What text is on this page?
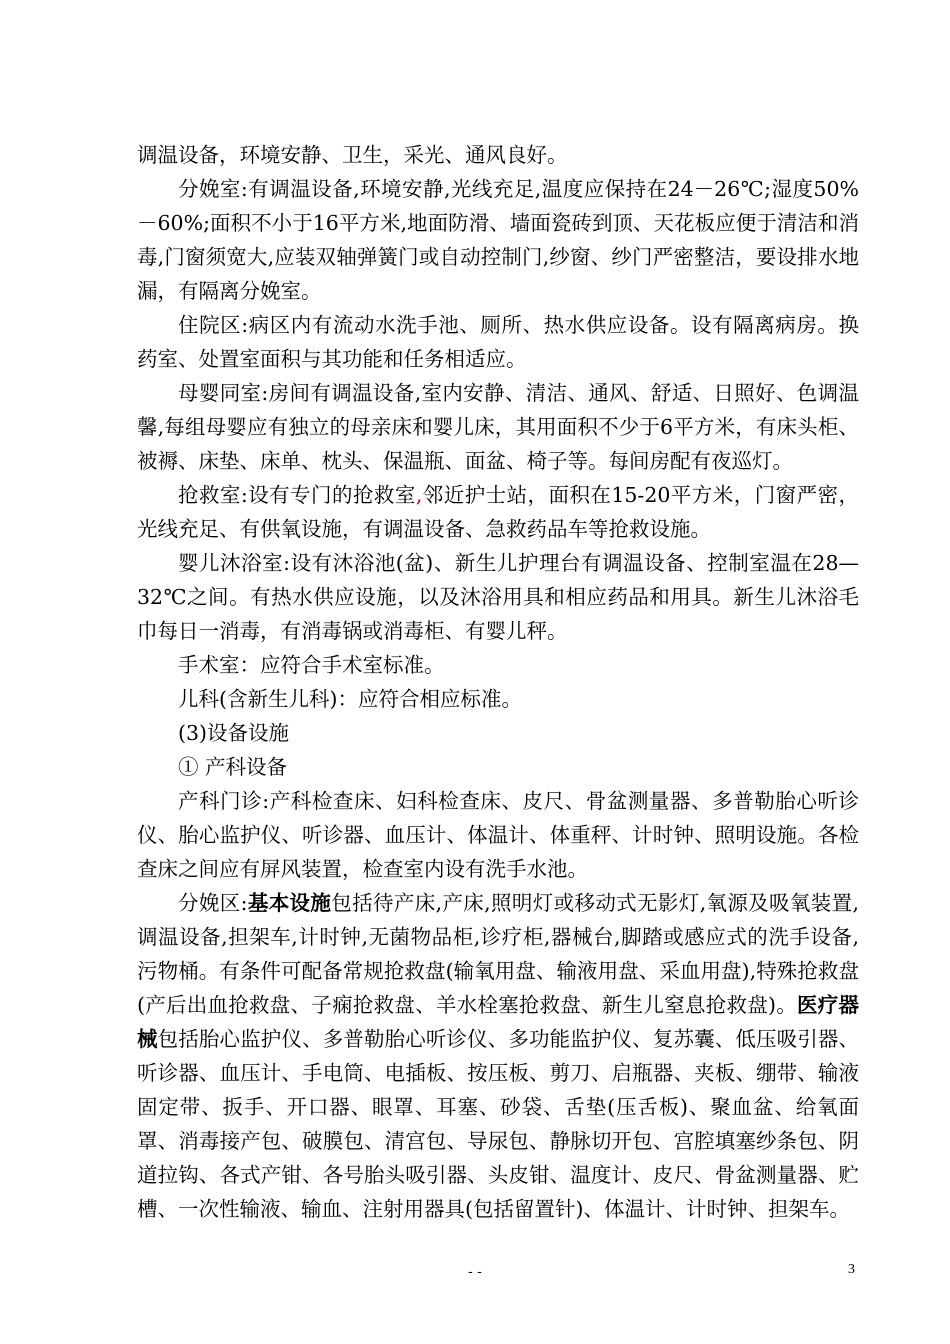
调温设备，环境安静、卫生，采光、通风良好。

分娩室:有调温设备,环境安静,光线充足,温度应保持在24－26℃;湿度50%－60%;面积不小于16平方米,地面防滑、墙面瓷砖到顶、天花板应便于清洁和消毒,门窗须宽大,应装双轴弹簧门或自动控制门,纱窗、纱门严密整洁，要设排水地漏，有隔离分娩室。

住院区:病区内有流动水洗手池、厕所、热水供应设备。设有隔离病房。换药室、处置室面积与其功能和任务相适应。

母婴同室:房间有调温设备,室内安静、清洁、通风、舒适、日照好、色调温馨,每组母婴应有独立的母亲床和婴儿床，其用面积不少于6平方米，有床头柜、被褥、床垫、床单、枕头、保温瓶、面盆、椅子等。每间房配有夜巡灯。

抢救室:设有专门的抢救室,邻近护士站，面积在15-20平方米，门窗严密，光线充足、有供氧设施，有调温设备、急救药品车等抢救设施。

婴儿沐浴室:设有沐浴池(盆)、新生儿护理台有调温设备、控制室温在28—32℃之间。有热水供应设施，以及沐浴用具和相应药品和用具。新生儿沐浴毛巾每日一消毒，有消毒锅或消毒柜、有婴儿秤。

手术室：应符合手术室标准。

儿科(含新生儿科)：应符合相应标准。

(3)设备设施

① 产科设备

产科门诊:产科检查床、妇科检查床、皮尺、骨盆测量器、多普勒胎心听诊仪、胎心监护仪、听诊器、血压计、体温计、体重秤、计时钟、照明设施。各检查床之间应有屏风装置，检查室内设有洗手水池。

分娩区:基本设施包括待产床,产床,照明灯或移动式无影灯,氧源及吸氧装置,调温设备,担架车,计时钟,无菌物品柜,诊疗柜,器械台,脚踏或感应式的洗手设备,污物桶。有条件可配备常规抢救盘(输氧用盘、输液用盘、采血用盘),特殊抢救盘(产后出血抢救盘、子痫抢救盘、羊水栓塞抢救盘、新生儿窒息抢救盘)。医疗器械包括胎心监护仪、多普勒胎心听诊仪、多功能监护仪、复苏囊、低压吸引器、听诊器、血压计、手电筒、电插板、按压板、剪刀、启瓶器、夹板、绷带、输液固定带、扳手、开口器、眼罩、耳塞、砂袋、舌垫(压舌板)、聚血盆、给氧面罩、消毒接产包、破膜包、清宫包、导尿包、静脉切开包、宫腔填塞纱条包、阴道拉钩、各式产钳、各号胎头吸引器、头皮钳、温度计、皮尺、骨盆测量器、贮槽、一次性输液、输血、注射用器具(包括留置针)、体温计、计时钟、担架车。

- -	3
